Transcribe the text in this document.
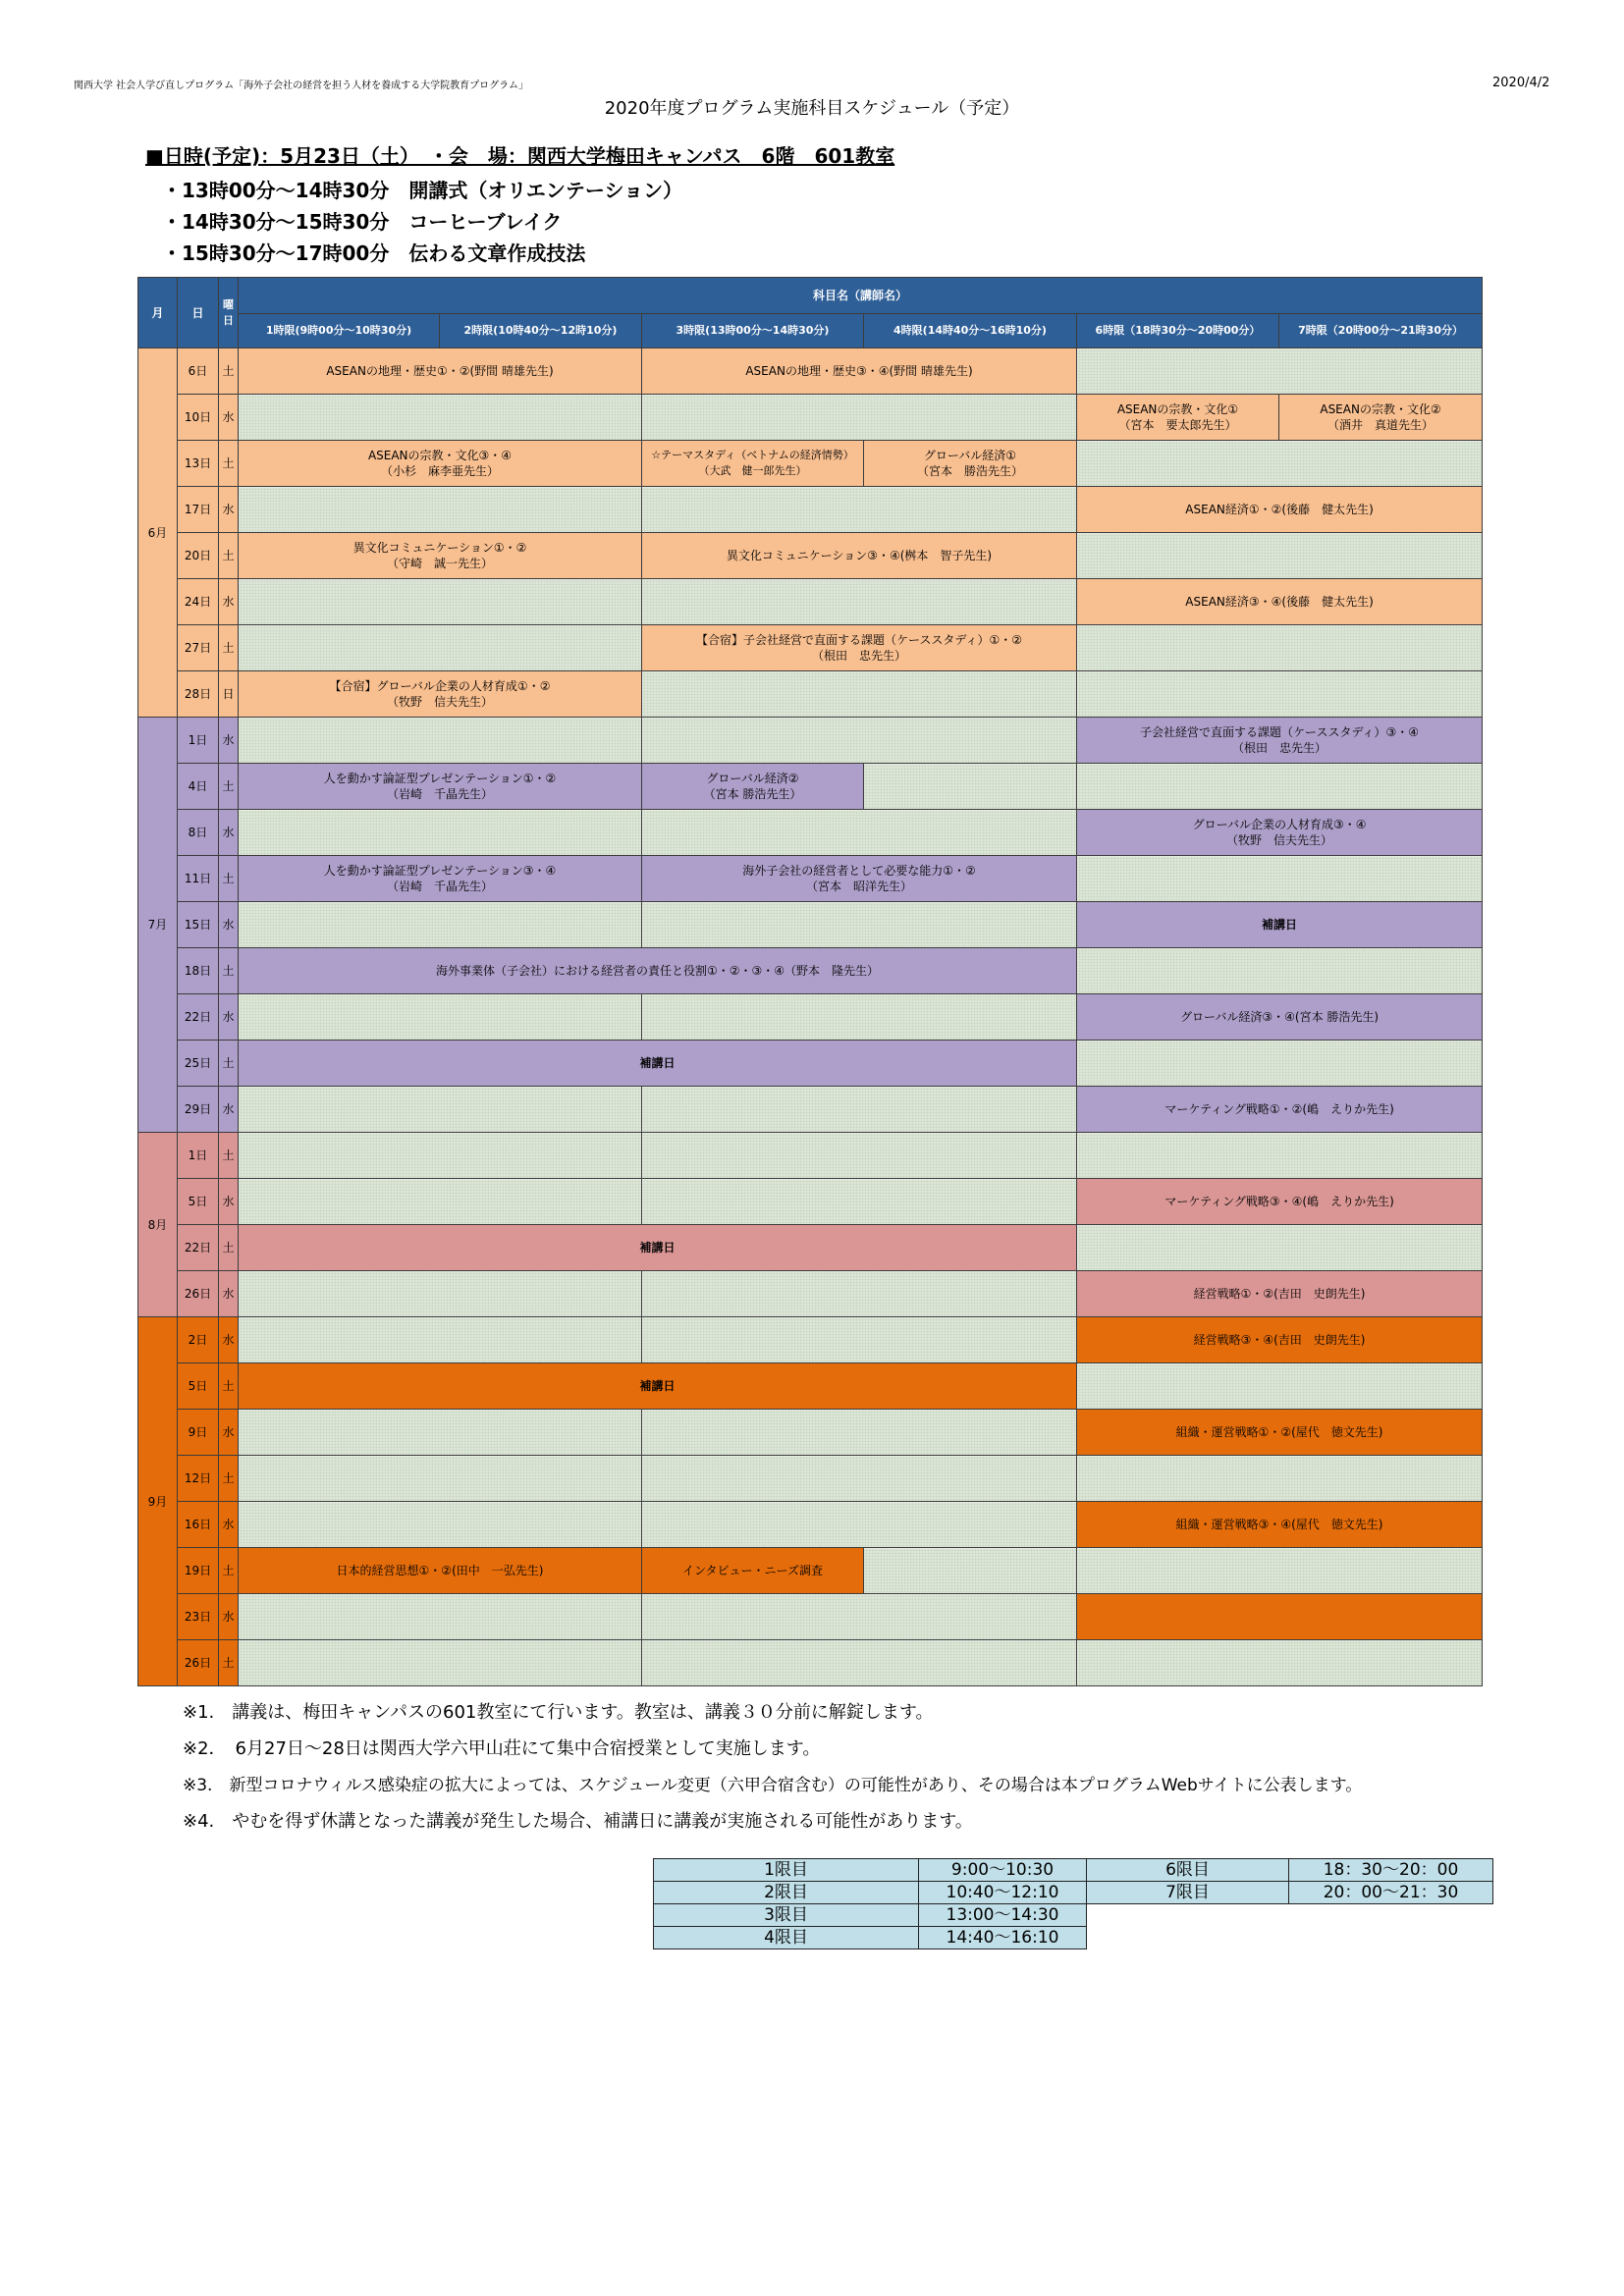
関西大学 社会人学び直しプログラム「海外子会社の経営を担う人材を養成する大学院教育プログラム」	2020/4/2
2020年度プログラム実施科目スケジュール（予定）
■日時(予定)：5月23日（土）　・会　場：関西大学梅田キャンパス　6階　601教室
・13時00分～14時30分　開講式（オリエンテーション）
・14時30分～15時30分　コーヒーブレイク
・15時30分～17時00分　伝わる文章作成技法
月	日	曜日	科目名（講師名）					
			1時限(9時00分～10時30分)	2時限(10時40分～12時10分)	3時限(13時00分～14時30分)	4時限(14時40分～16時10分)	6時限（18時30分～20時00分）	7時限（20時00分～21時30分）
6月	6日	土	ASEANの地理・歴史①・②(野間 晴雄先生)		ASEANの地理・歴史③・④(野間 晴雄先生)			
	10日	水					ASEANの宗教・文化①
（宮本　要太郎先生）	ASEANの宗教・文化②
（酒井　真道先生）
	13日	土	ASEANの宗教・文化③・④
（小杉　麻李亜先生）		☆テーマスタディ（ベトナムの経済情勢）
（大武　健一郎先生）	グローバル経済①
（宮本　勝浩先生）		
	17日	水					ASEAN経済①・②(後藤　健太先生)	
	20日	土	異文化コミュニケーション①・②
（守崎　誠一先生）		異文化コミュニケーション③・④(桝本　智子先生)			
	24日	水					ASEAN経済③・④(後藤　健太先生)	
	27日	土			【合宿】子会社経営で直面する課題（ケーススタディ）①・②
（根田　忠先生）			
	28日	日	【合宿】グローバル企業の人材育成①・②
（牧野　信夫先生）					
7月	1日	水					子会社経営で直面する課題（ケーススタディ）③・④
（根田　忠先生）	
	4日	土	人を動かす論証型プレゼンテーション①・②
（岩崎　千晶先生）		グローバル経済②
（宮本 勝浩先生）			
	8日	水					グローバル企業の人材育成③・④
（牧野　信夫先生）	
	11日	土	人を動かす論証型プレゼンテーション③・④
（岩崎　千晶先生）		海外子会社の経営者として必要な能力①・②
（宮本　昭洋先生）			
	15日	水					補講日	
	18日	土	海外事業体（子会社）における経営者の責任と役割①・②・③・④（野本　隆先生）					
	22日	水					グローバル経済③・④(宮本 勝浩先生)	
	25日	土	補講日					
	29日	水					マーケティング戦略①・②(嶋　えりか先生)	
8月	1日	土						
	5日	水					マーケティング戦略③・④(嶋　えりか先生)	
	22日	土	補講日					
	26日	水					経営戦略①・②(吉田　史朗先生)	
9月	2日	水					経営戦略③・④(吉田　史朗先生)	
	5日	土	補講日					
	9日	水					組織・運営戦略①・②(屋代　徳文先生)	
	12日	土						
	16日	水					組織・運営戦略③・④(屋代　徳文先生)	
	19日	土	日本的経営思想①・②(田中　一弘先生)		インタビュー・ニーズ調査			
	23日	水						
	26日	土						
※1.　講義は、梅田キャンパスの601教室にて行います。教室は、講義３０分前に解錠します。
※2．　6月27日～28日は関西大学六甲山荘にて集中合宿授業として実施します。
※3.　新型コロナウィルス感染症の拡大によっては、スケジュール変更（六甲合宿含む）の可能性があり、その場合は本プログラムWebサイトに公表します。
※4.　やむを得ず休講となった講義が発生した場合、補講日に講義が実施される可能性があります。
1限目	9:00～10:30	6限目	18：30～20：00
2限目	10:40～12:10	7限目	20：00～21：30
3限目	13:00～14:30		
4限目	14:40～16:10		
